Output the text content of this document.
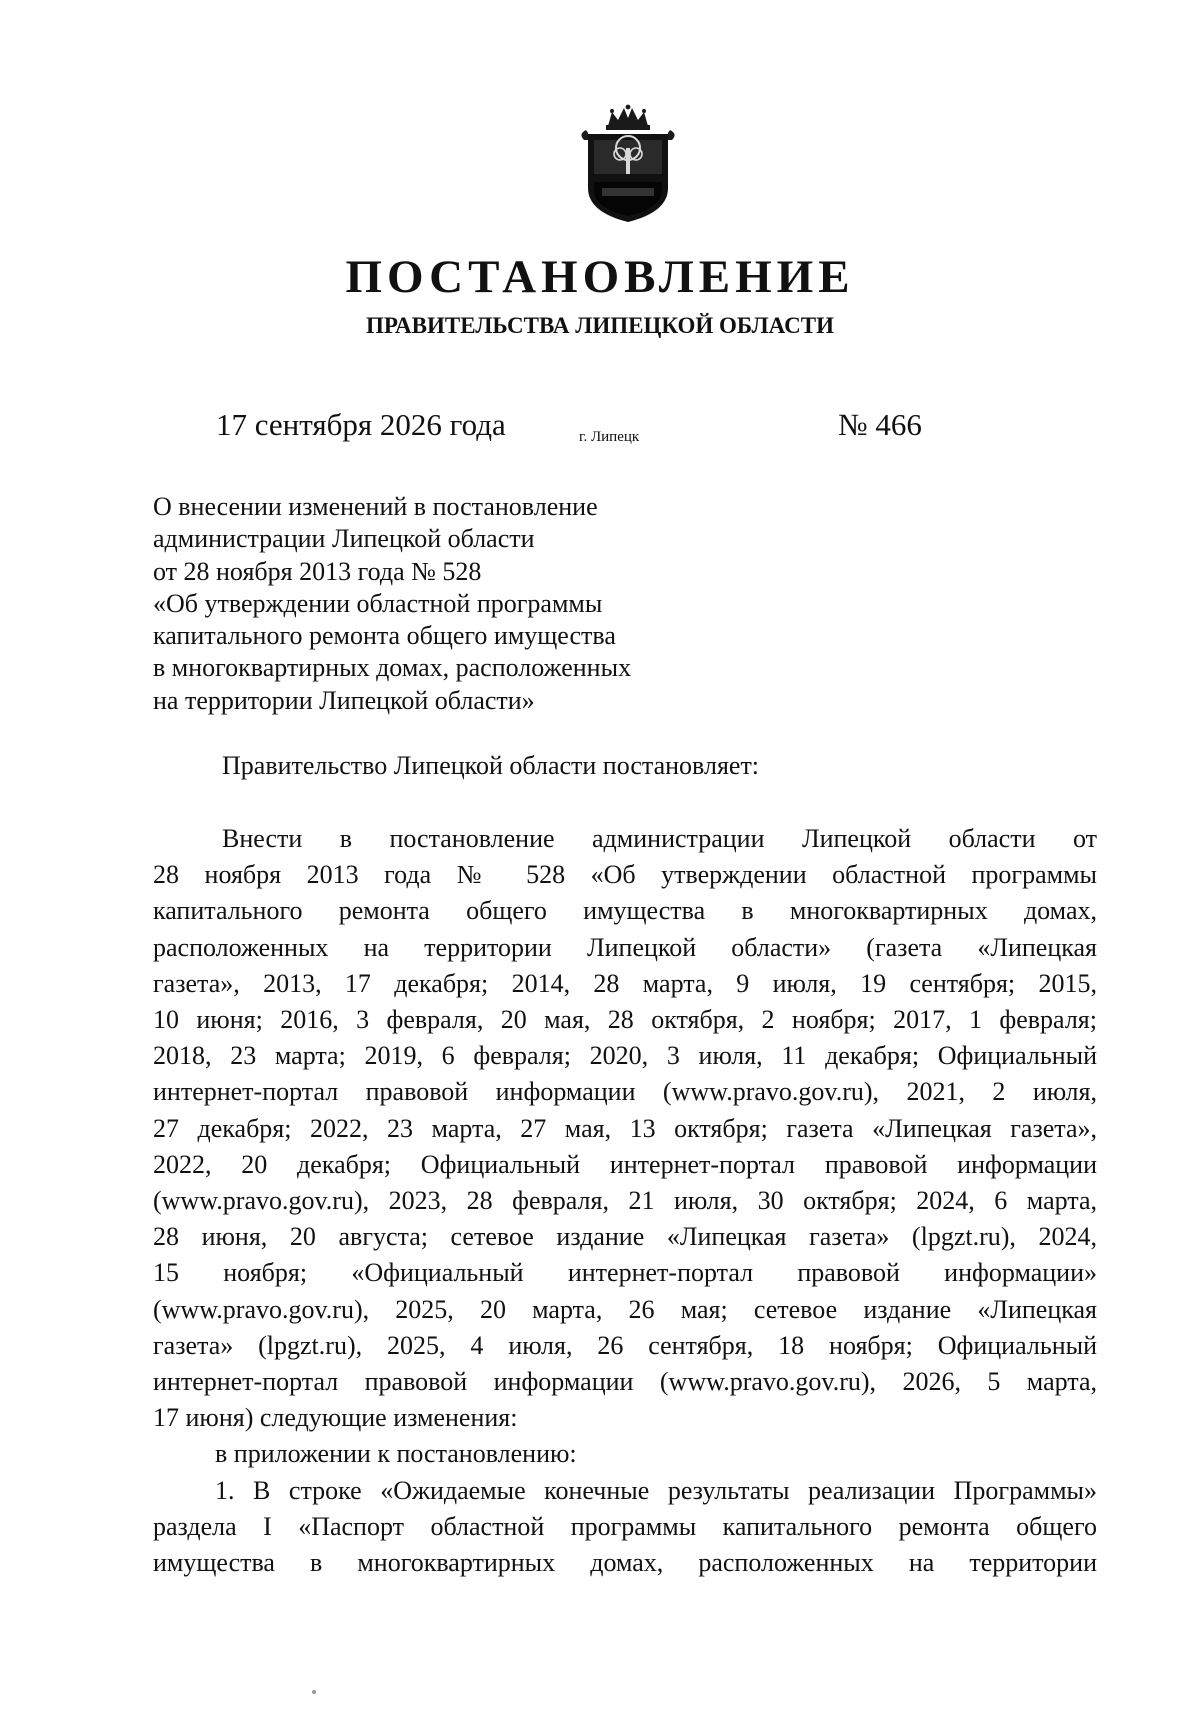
ПОСТАНОВЛЕНИЕ
ПРАВИТЕЛЬСТВА ЛИПЕЦКОЙ ОБЛАСТИ
17 сентября 2026 года	г. Липецк	№ 466
О внесении изменений в постановление
администрации Липецкой области
от 28 ноября 2013 года № 528
«Об утверждении областной программы
капитального ремонта общего имущества
в многоквартирных домах, расположенных
на территории Липецкой области»
Правительство Липецкой области постановляет:
Внести в постановление администрации Липецкой области от
28 ноября 2013 года № 528 «Об утверждении областной программы
капитального ремонта общего имущества в многоквартирных домах,
расположенных на территории Липецкой области» (газета «Липецкая
газета», 2013, 17 декабря; 2014, 28 марта, 9 июля, 19 сентября; 2015,
10 июня; 2016, 3 февраля, 20 мая, 28 октября, 2 ноября; 2017, 1 февраля;
2018, 23 марта; 2019, 6 февраля; 2020, 3 июля, 11 декабря; Официальный
интернет-портал правовой информации (www.pravo.gov.ru), 2021, 2 июля,
27 декабря; 2022, 23 марта, 27 мая, 13 октября; газета «Липецкая газета»,
2022, 20 декабря; Официальный интернет-портал правовой информации
(www.pravo.gov.ru), 2023, 28 февраля, 21 июля, 30 октября; 2024, 6 марта,
28 июня, 20 августа; сетевое издание «Липецкая газета» (lpgzt.ru), 2024,
15 ноября; «Официальный интернет-портал правовой информации»
(www.pravo.gov.ru), 2025, 20 марта, 26 мая; сетевое издание «Липецкая
газета» (lpgzt.ru), 2025, 4 июля, 26 сентября, 18 ноября; Официальный
интернет-портал правовой информации (www.pravo.gov.ru), 2026, 5 марта,
17 июня) следующие изменения:
в приложении к постановлению:
1. В строке «Ожидаемые конечные результаты реализации Программы»
раздела I «Паспорт областной программы капитального ремонта общего
имущества в многоквартирных домах, расположенных на территории
